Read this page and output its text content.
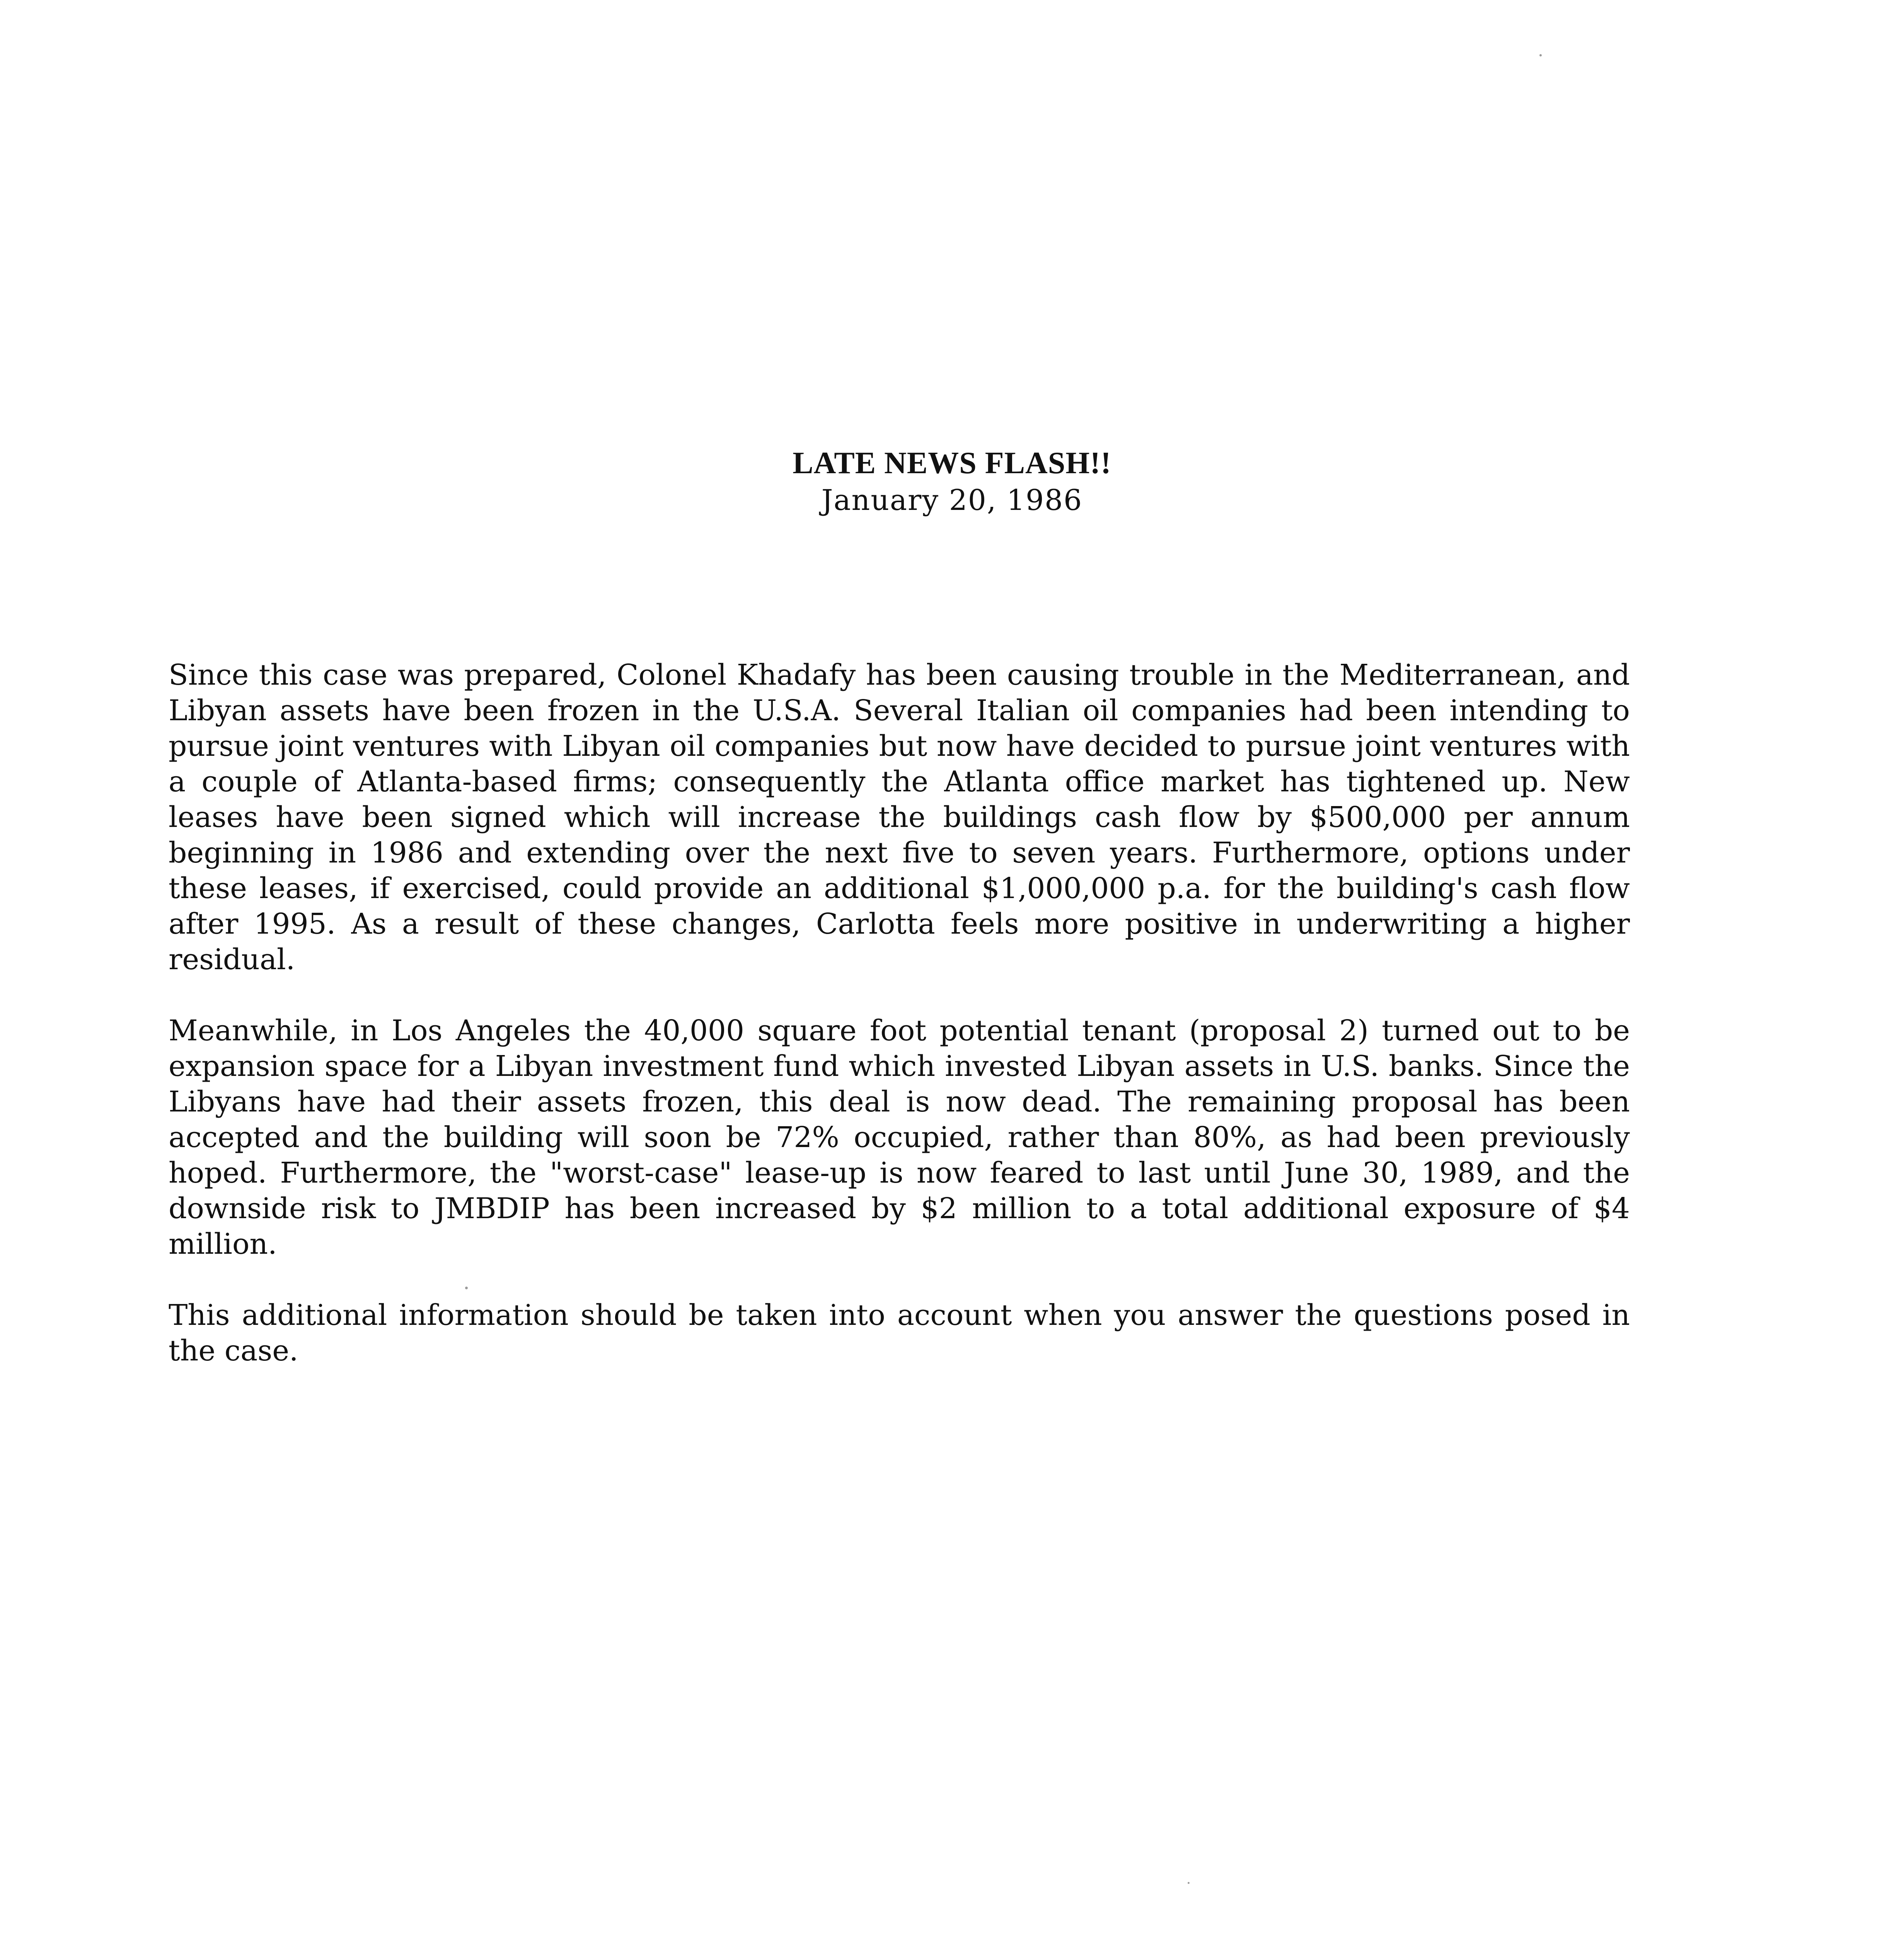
LATE NEWS FLASH!!
January 20, 1986

Since this case was prepared, Colonel Khadafy has been causing trouble in the Mediterranean, and Libyan assets have been frozen in the U.S.A. Several Italian oil companies had been intending to pursue joint ventures with Libyan oil companies but now have decided to pursue joint ventures with a couple of Atlanta-based firms; consequently the Atlanta office market has tightened up. New leases have been signed which will increase the buildings cash flow by $500,000 per annum beginning in 1986 and extending over the next five to seven years. Furthermore, options under these leases, if exercised, could provide an additional $1,000,000 p.a. for the building's cash flow after 1995. As a result of these changes, Carlotta feels more positive in underwriting a higher residual.

Meanwhile, in Los Angeles the 40,000 square foot potential tenant (proposal 2) turned out to be expansion space for a Libyan investment fund which invested Libyan assets in U.S. banks. Since the Libyans have had their assets frozen, this deal is now dead. The remaining proposal has been accepted and the building will soon be 72% occupied, rather than 80%, as had been previously hoped. Furthermore, the "worst-case" lease-up is now feared to last until June 30, 1989, and the downside risk to JMBDIP has been increased by $2 million to a total additional exposure of $4 million.

This additional information should be taken into account when you answer the questions posed in the case.
